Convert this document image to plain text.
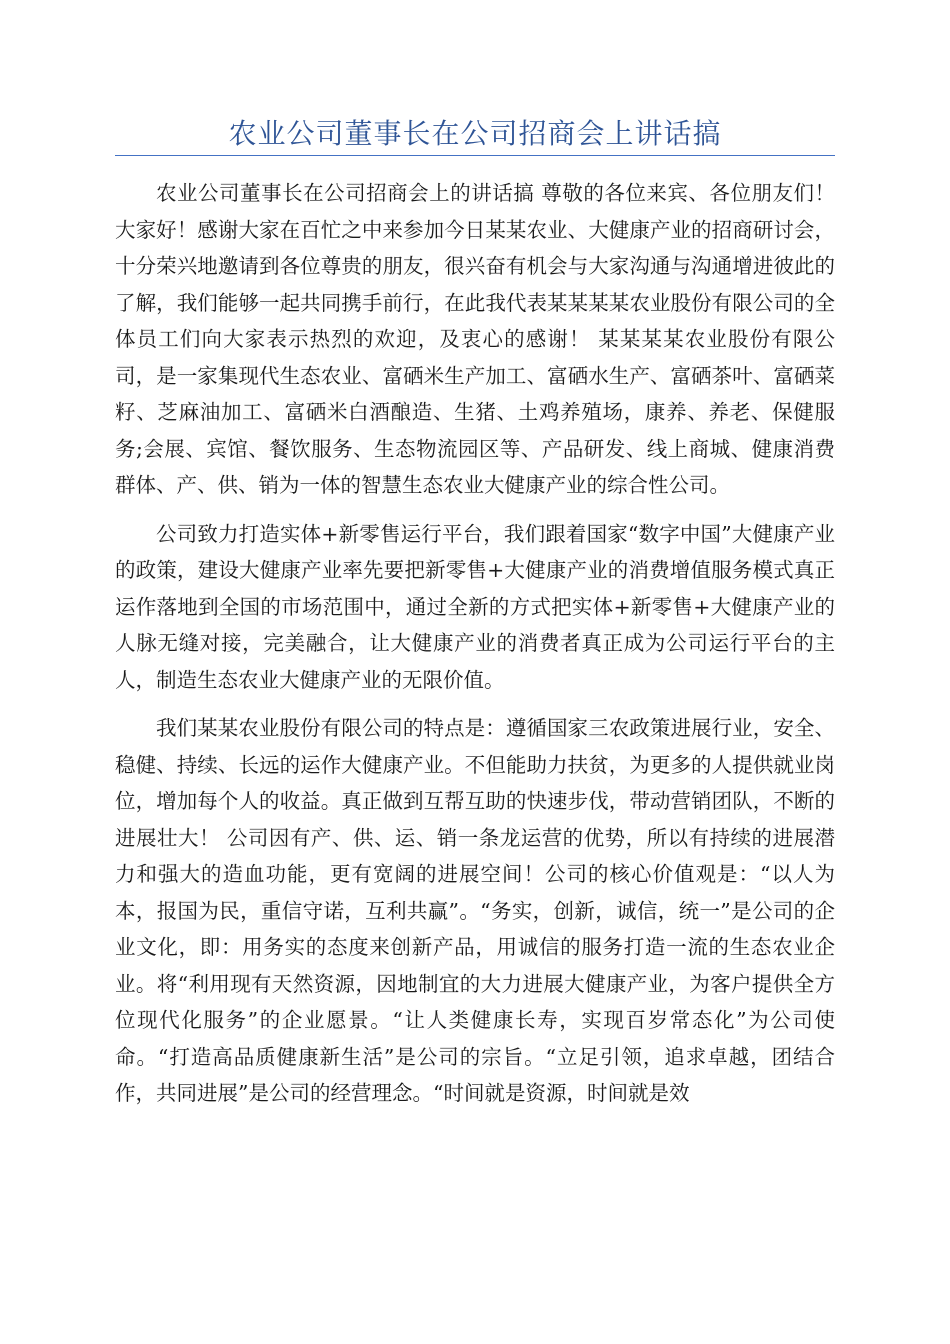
农业公司董事长在公司招商会上讲话搞

农业公司董事长在公司招商会上的讲话搞 尊敬的各位来宾、各位朋友们！ 大家好！感谢大家在百忙之中来参加今日某某农业、大健康产业的招商研讨会，十分荣兴地邀请到各位尊贵的朋友，很兴奋有机会与大家沟通与沟通增进彼此的了解，我们能够一起共同携手前行，在此我代表某某某某农业股份有限公司的全体员工们向大家表示热烈的欢迎，及衷心的感谢！ 某某某某农业股份有限公司，是一家集现代生态农业、富硒米生产加工、富硒水生产、富硒茶叶、富硒菜籽、芝麻油加工、富硒米白酒酿造、生猪、土鸡养殖场，康养、养老、保健服务;会展、宾馆、餐饮服务、生态物流园区等、产品研发、线上商城、健康消费群体、产、供、销为一体的智慧生态农业大健康产业的综合性公司。

公司致力打造实体+新零售运行平台，我们跟着国家“数字中国”大健康产业的政策，建设大健康产业率先要把新零售+大健康产业的消费增值服务模式真正运作落地到全国的市场范围中，通过全新的方式把实体+新零售+大健康产业的人脉无缝对接，完美融合，让大健康产业的消费者真正成为公司运行平台的主人，制造生态农业大健康产业的无限价值。

我们某某农业股份有限公司的特点是：遵循国家三农政策进展行业，安全、稳健、持续、长远的运作大健康产业。不但能助力扶贫，为更多的人提供就业岗位，增加每个人的收益。真正做到互帮互助的快速步伐，带动营销团队，不断的进展壮大！ 公司因有产、供、运、销一条龙运营的优势，所以有持续的进展潜力和强大的造血功能，更有宽阔的进展空间！公司的核心价值观是：“以人为本，报国为民，重信守诺，互利共赢”。“务实，创新，诚信，统一”是公司的企业文化，即：用务实的态度来创新产品，用诚信的服务打造一流的生态农业企业。将“利用现有天然资源，因地制宜的大力进展大健康产业，为客户提供全方位现代化服务”的企业愿景。“让人类健康长寿，实现百岁常态化”为公司使命。“打造高品质健康新生活”是公司的宗旨。“立足引领，追求卓越，团结合作，共同进展”是公司的经营理念。“时间就是资源，时间就是效
